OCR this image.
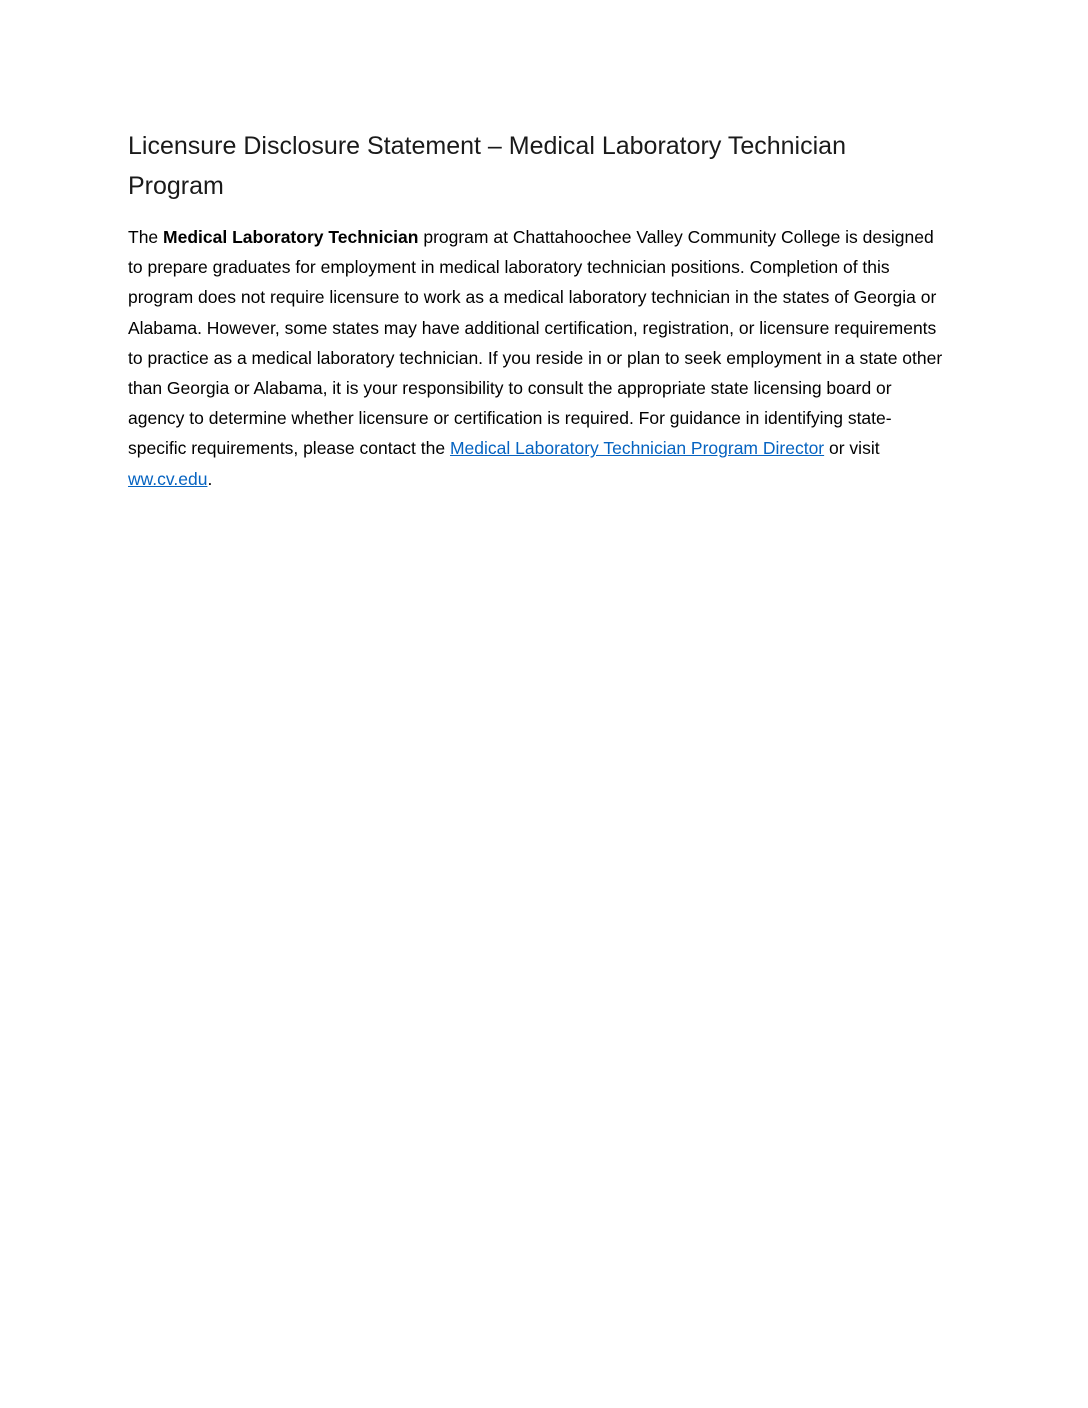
Licensure Disclosure Statement – Medical Laboratory Technician Program

The Medical Laboratory Technician program at Chattahoochee Valley Community College is designed to prepare graduates for employment in medical laboratory technician positions. Completion of this program does not require licensure to work as a medical laboratory technician in the states of Georgia or Alabama. However, some states may have additional certification, registration, or licensure requirements to practice as a medical laboratory technician. If you reside in or plan to seek employment in a state other than Georgia or Alabama, it is your responsibility to consult the appropriate state licensing board or agency to determine whether licensure or certification is required. For guidance in identifying state-specific requirements, please contact the Medical Laboratory Technician Program Director or visit ww.cv.edu.
